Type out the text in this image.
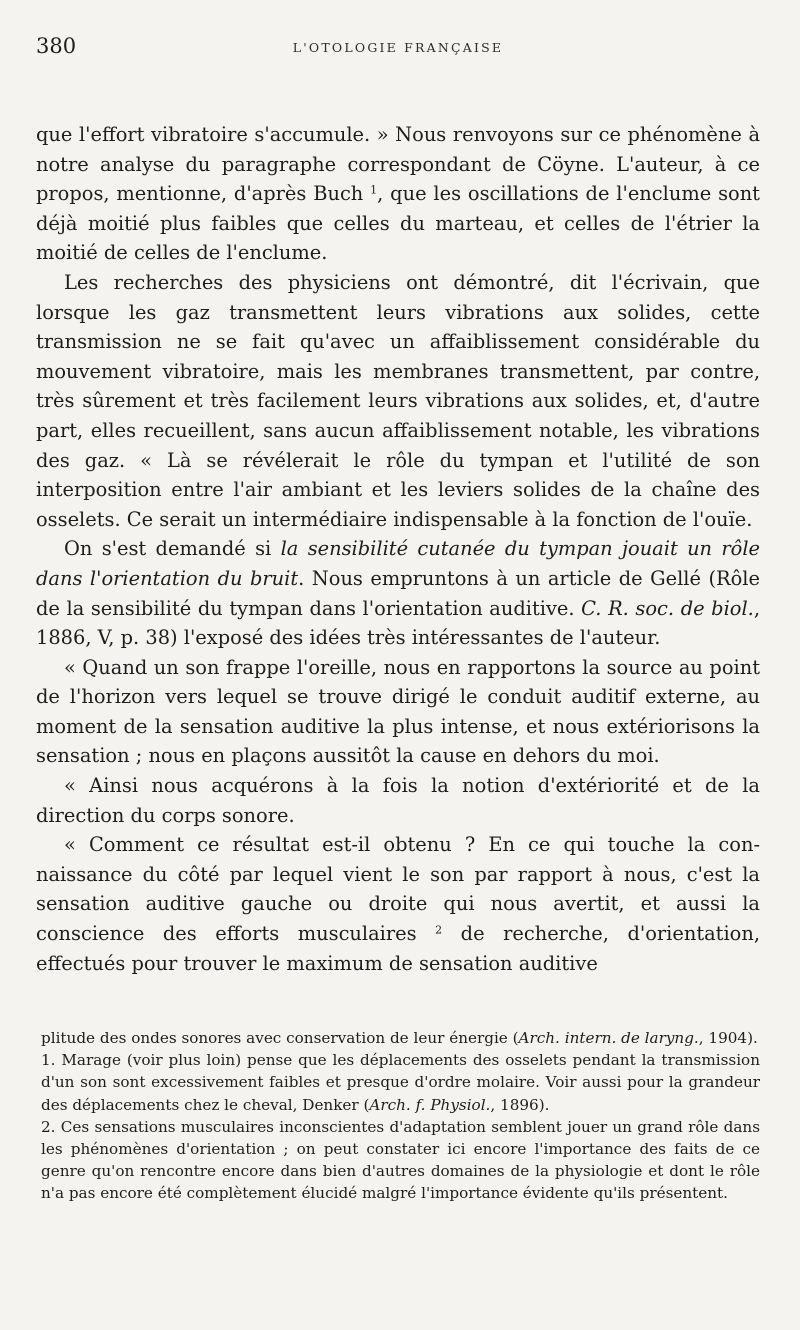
380	L'OTOLOGIE FRANÇAISE

que l'effort vibratoire s'accumule. » Nous renvoyons sur ce phénomène à notre analyse du paragraphe correspondant de Cöyne. L'auteur, à ce propos, mentionne, d'après Buch $^1$, que les oscillations de l'enclume sont déjà moitié plus faibles que celles du marteau, et celles de l'étrier la moitié de celles de l'enclume.

Les recherches des physiciens ont démontré, dit l'écrivain, que lorsque les gaz transmettent leurs vibrations aux solides, cette transmission ne se fait qu'avec un affaiblissement considérable du mouvement vibratoire, mais les membranes transmettent, par contre, très sûrement et très facilement leurs vibrations aux solides, et, d'autre part, elles recueillent, sans aucun affaiblissement notable, les vibrations des gaz. « Là se révélerait le rôle du tympan et l'utilité de son interposition entre l'air ambiant et les leviers solides de la chaîne des osselets. Ce serait un intermédiaire indispensable à la fonction de l'ouïe.

On s'est demandé si la sensibilité cutanée du tympan jouait un rôle dans l'orientation du bruit. Nous empruntons à un article de Gellé (Rôle de la sensibilité du tympan dans l'orientation auditive. C. R. soc. de biol., 1886, V, p. 38) l'exposé des idées très intéressantes de l'auteur.

« Quand un son frappe l'oreille, nous en rapportons la source au point de l'horizon vers lequel se trouve dirigé le conduit auditif externe, au moment de la sensation auditive la plus intense, et nous extériorisons la sensation ; nous en plaçons aussitôt la cause en dehors du moi.

« Ainsi nous acquérons à la fois la notion d'extériorité et de la direction du corps sonore.

« Comment ce résultat est-il obtenu ? En ce qui touche la connaissance du côté par lequel vient le son par rapport à nous, c'est la sensation auditive gauche ou droite qui nous avertit, et aussi la conscience des efforts musculaires $^2$ de recherche, d'orientation, effectués pour trouver le maximum de sensation auditive

plitude des ondes sonores avec conservation de leur énergie (Arch. intern. de laryng., 1904).

1. Marage (voir plus loin) pense que les déplacements des osselets pendant la transmission d'un son sont excessivement faibles et presque d'ordre molaire. Voir aussi pour la grandeur des déplacements chez le cheval, Denker (Arch. f. Physiol., 1896).

2. Ces sensations musculaires inconscientes d'adaptation semblent jouer un grand rôle dans les phénomènes d'orientation ; on peut constater ici encore l'importance des faits de ce genre qu'on rencontre encore dans bien d'autres domaines de la physiologie et dont le rôle n'a pas encore été complètement élucidé malgré l'importance évidente qu'ils présentent.
